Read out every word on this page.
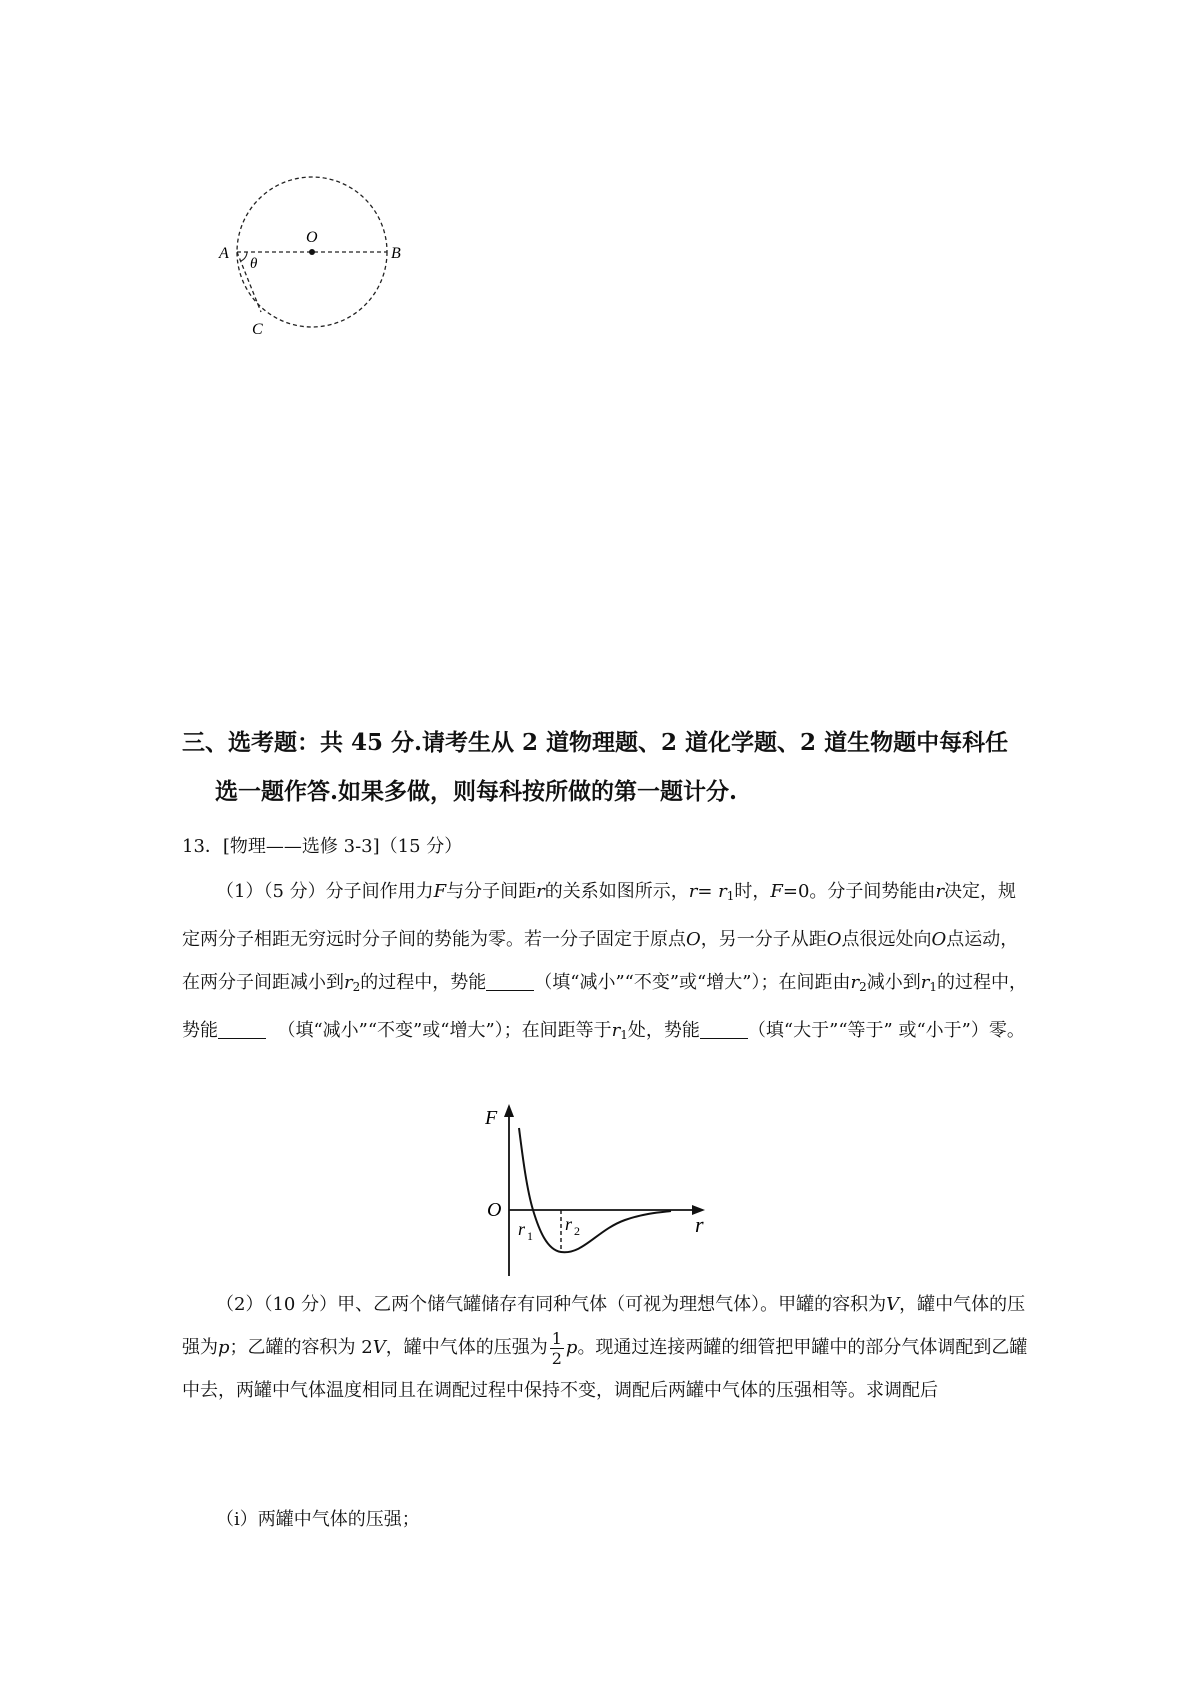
O
A	B
C
θ
三、选考题：共 45 分.请考生从 2 道物理题、2 道化学题、2 道生物题中每科任
选一题作答.如果多做，则每科按所做的第一题计分.
13．[物理——选修 3-3]（15 分）
（1）（5 分）分子间作用力F与分子间距r的关系如图所示，$r= r_1$时，F=0。分子间势能由r决定，规定两分子相距无穷远时分子间的势能为零。若一分子固定于原点O，另一分子从距O点很远处向O点运动，在两分子间距减小到$r_2$的过程中，势能	（填“减小”“不变”或“增大”）；在间距由$r_2$减小到$r_1$的过程中，势能	（填“减小”“不变”或“增大”）；在间距等于$r_1$处，势能	（填“大于”“等于” 或“小于”）零。
F
O
r
r 1
r 2
（2）（10 分）甲、乙两个储气罐储存有同种气体（可视为理想气体）。甲罐的容积为V，罐中气体的压强为p；乙罐的容积为 2V，罐中气体的压强为 $\frac{1}{2}$ p。现通过连接两罐的细管把甲罐中的部分气体调配到乙罐中去，两罐中气体温度相同且在调配过程中保持不变，调配后两罐中气体的压强相等。求调配后
（i）两罐中气体的压强；
